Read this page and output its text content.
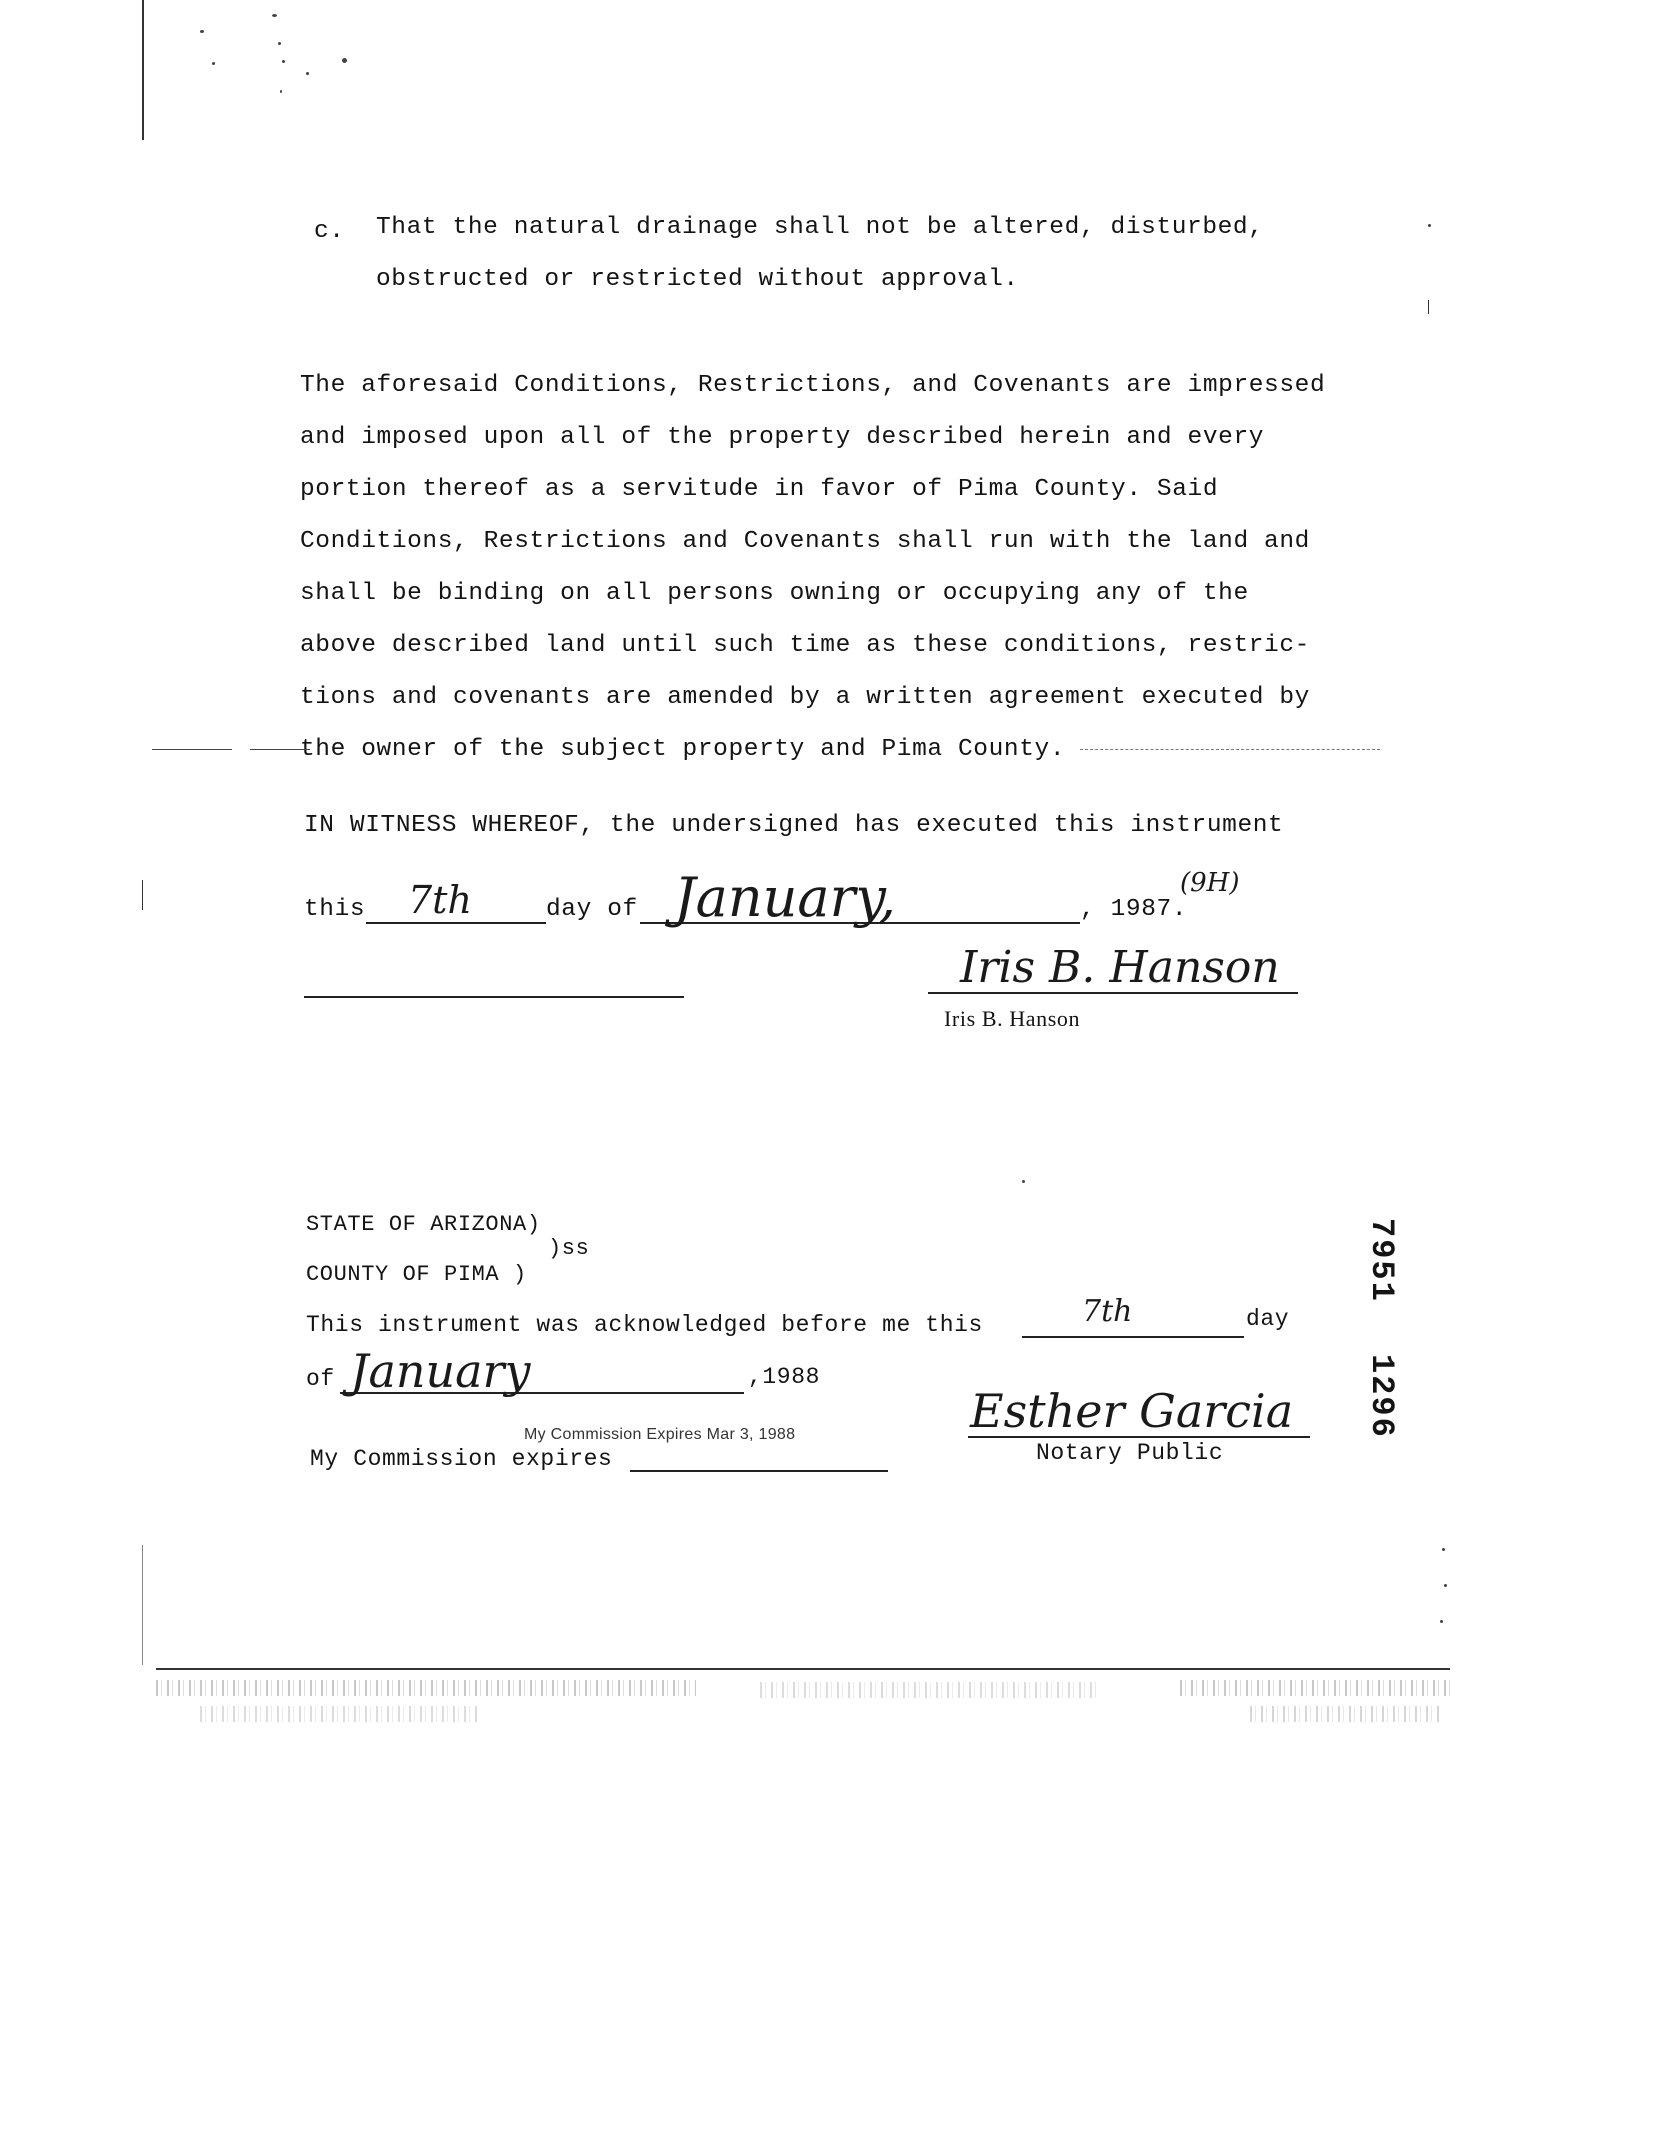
c. That the natural drainage shall not be altered, disturbed,
obstructed or restricted without approval.
The aforesaid Conditions, Restrictions, and Covenants are impressed
and imposed upon all of the property described herein and every
portion thereof as a servitude in favor of Pima County. Said
Conditions, Restrictions and Covenants shall run with the land and
shall be binding on all persons owning or occupying any of the
above described land until such time as these conditions, restric-
tions and covenants are amended by a written agreement executed by
the owner of the subject property and Pima County.
IN WITNESS WHEREOF, the undersigned has executed this instrument
this 7th	day of January,	, 1987.
(9H)
Iris B. Hanson
Iris B. Hanson
STATE OF ARIZONA)
)ss
COUNTY OF PIMA )
This instrument was acknowledged before me this	7th	day
of January	,1988
My Commission Expires Mar 3, 1988
My Commission expires
Esther Garcia
Notary Public
7951
1296
